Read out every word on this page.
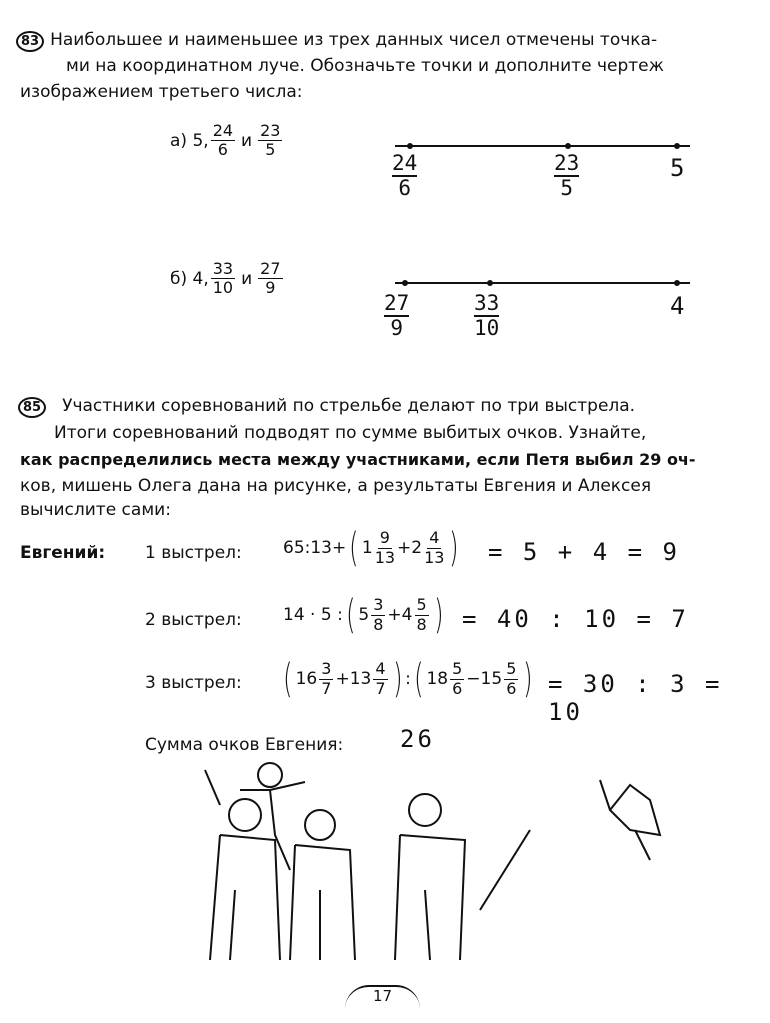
83 Наибольшее и наименьшее из трех данных чисел отмечены точка-
ми на координатном луче. Обозначьте точки и дополните чертеж
изображением третьего числа:
а) 5, $\frac{24}{6}$ и $\frac{23}{5}$
$\frac{24}{6}$	$\frac{23}{5}$	5
б) 4, $\frac{33}{10}$ и $\frac{27}{9}$
$\frac{27}{9}$	$\frac{33}{10}$	4
85 Участники соревнований по стрельбе делают по три выстрела.
Итоги соревнований подводят по сумме выбитых очков. Узнайте,
как распределились места между участниками, если Петя выбил 29 оч-
ков, мишень Олега дана на рисунке, а результаты Евгения и Алексея
вычислите сами:
Евгений: 1 выстрел: 65:13+ ( $1 \frac{9}{13} + 2 \frac{4}{13}$ ) = 5 + 4 = 9
2 выстрел: 14 · 5 : ( $5 \frac{3}{8} + 4 \frac{5}{8}$ ) = 40 : 10 = 7
3 выстрел: ( $16 \frac{3}{7} + 13 \frac{4}{7}$ ) : ( $18 \frac{5}{6} - 15 \frac{5}{6}$ ) = 30 : 3 = 10
Сумма очков Евгения: 26
17
